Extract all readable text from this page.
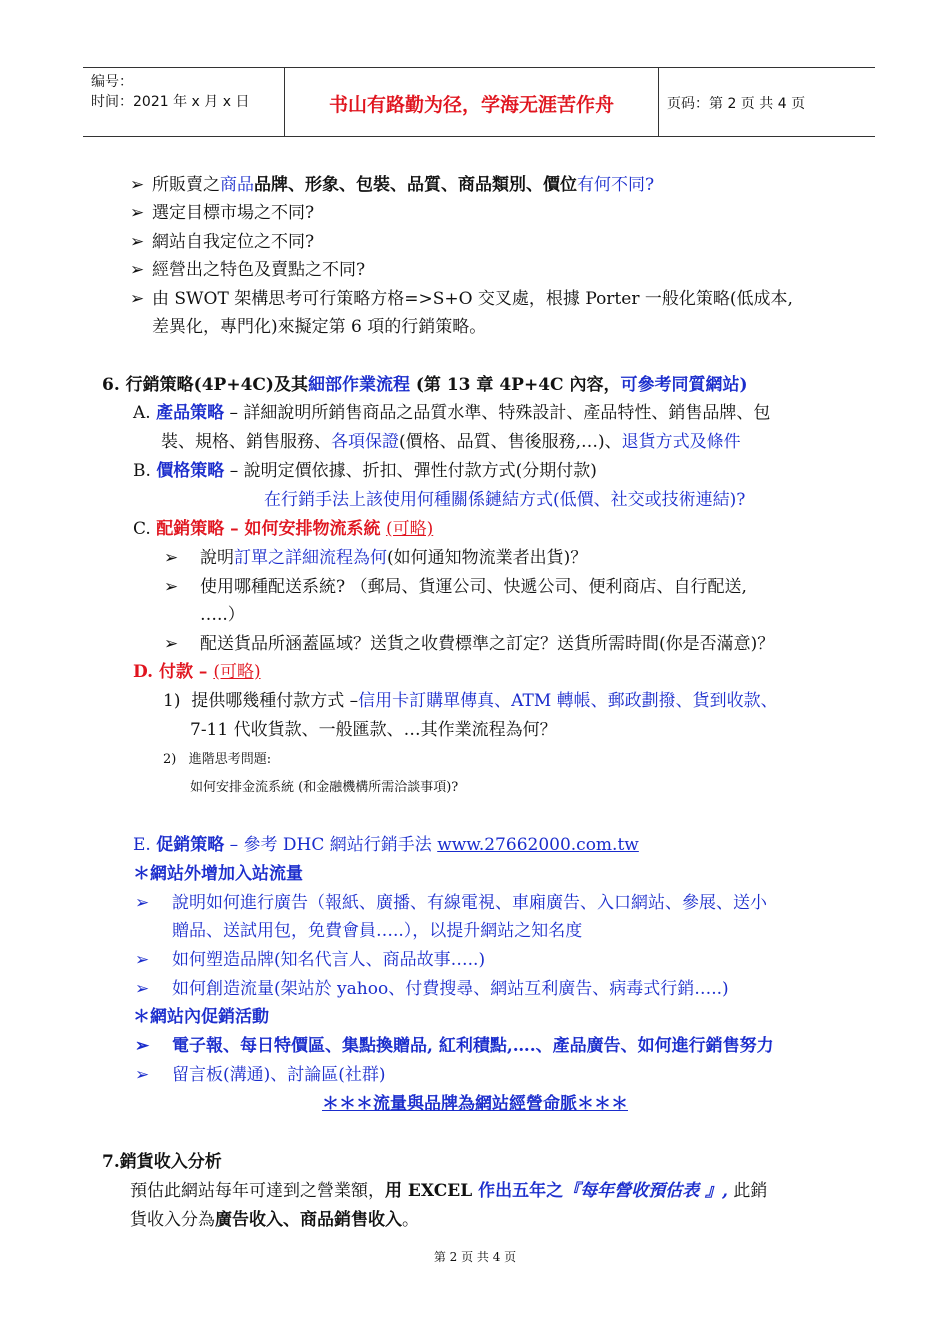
编号：
时间：2021 年 x 月 x 日	书山有路勤为径，学海无涯苦作舟	页码：第 2 页 共 4 页
➢ 所販賣之商品品牌、形象、包裝、品質、商品類別、價位有何不同?
➢ 選定目標市場之不同?
➢ 網站自我定位之不同?
➢ 經營出之特色及賣點之不同?
➢ 由 SWOT 架構思考可行策略方格=>S+O 交叉處，根據 Porter 一般化策略(低成本,
差異化，專門化)來擬定第 6 項的行銷策略。
6. 行銷策略(4P+4C)及其細部作業流程 (第 13 章 4P+4C 內容，可參考同質網站)
A. 產品策略 – 詳細說明所銷售商品之品質水準、特殊設計、產品特性、銷售品牌、包
裝、規格、銷售服務、各項保證(價格、品質、售後服務,…)、退貨方式及條件
B. 價格策略 – 說明定價依據、折扣、彈性付款方式(分期付款)
在行銷手法上該使用何種關係鏈結方式(低價、社交或技術連結)?
C. 配銷策略 – 如何安排物流系統 (可略)
➢ 說明訂單之詳細流程為何(如何通知物流業者出貨)？
➢ 使用哪種配送系統? （郵局、貨運公司、快遞公司、便利商店、自行配送,
…..）
➢ 配送貨品所涵蓋區域？送貨之收費標準之訂定？送貨所需時間(你是否滿意)？
D. 付款 – (可略)
1) 提供哪幾種付款方式 –信用卡訂購單傳真、ATM 轉帳、郵政劃撥、貨到收款、
7-11 代收貨款、一般匯款、…其作業流程為何？
2) 進階思考問題:
如何安排金流系統 (和金融機構所需洽談事項)?
E. 促銷策略 – 參考 DHC 網站行銷手法 www.27662000.com.tw
＊網站外增加入站流量
➢ 說明如何進行廣告（報紙、廣播、有線電視、車廂廣告、入口網站、參展、送小
贈品、送試用包，免費會員…..），以提升網站之知名度
➢ 如何塑造品牌(知名代言人、商品故事…..)
➢ 如何創造流量(架站於 yahoo、付費搜尋、網站互利廣告、病毒式行銷…..)
＊網站內促銷活動
➢ 電子報、每日特價區、集點換贈品, 紅利積點,….、產品廣告、如何進行銷售努力
➢ 留言板(溝通)、討論區(社群)
＊＊＊流量與品牌為網站經營命脈＊＊＊
7.銷貨收入分析
預估此網站每年可達到之營業額，用 EXCEL 作出五年之『每年營收預估表 』, 此銷
貨收入分為廣告收入、商品銷售收入。
第 2 页 共 4 页
